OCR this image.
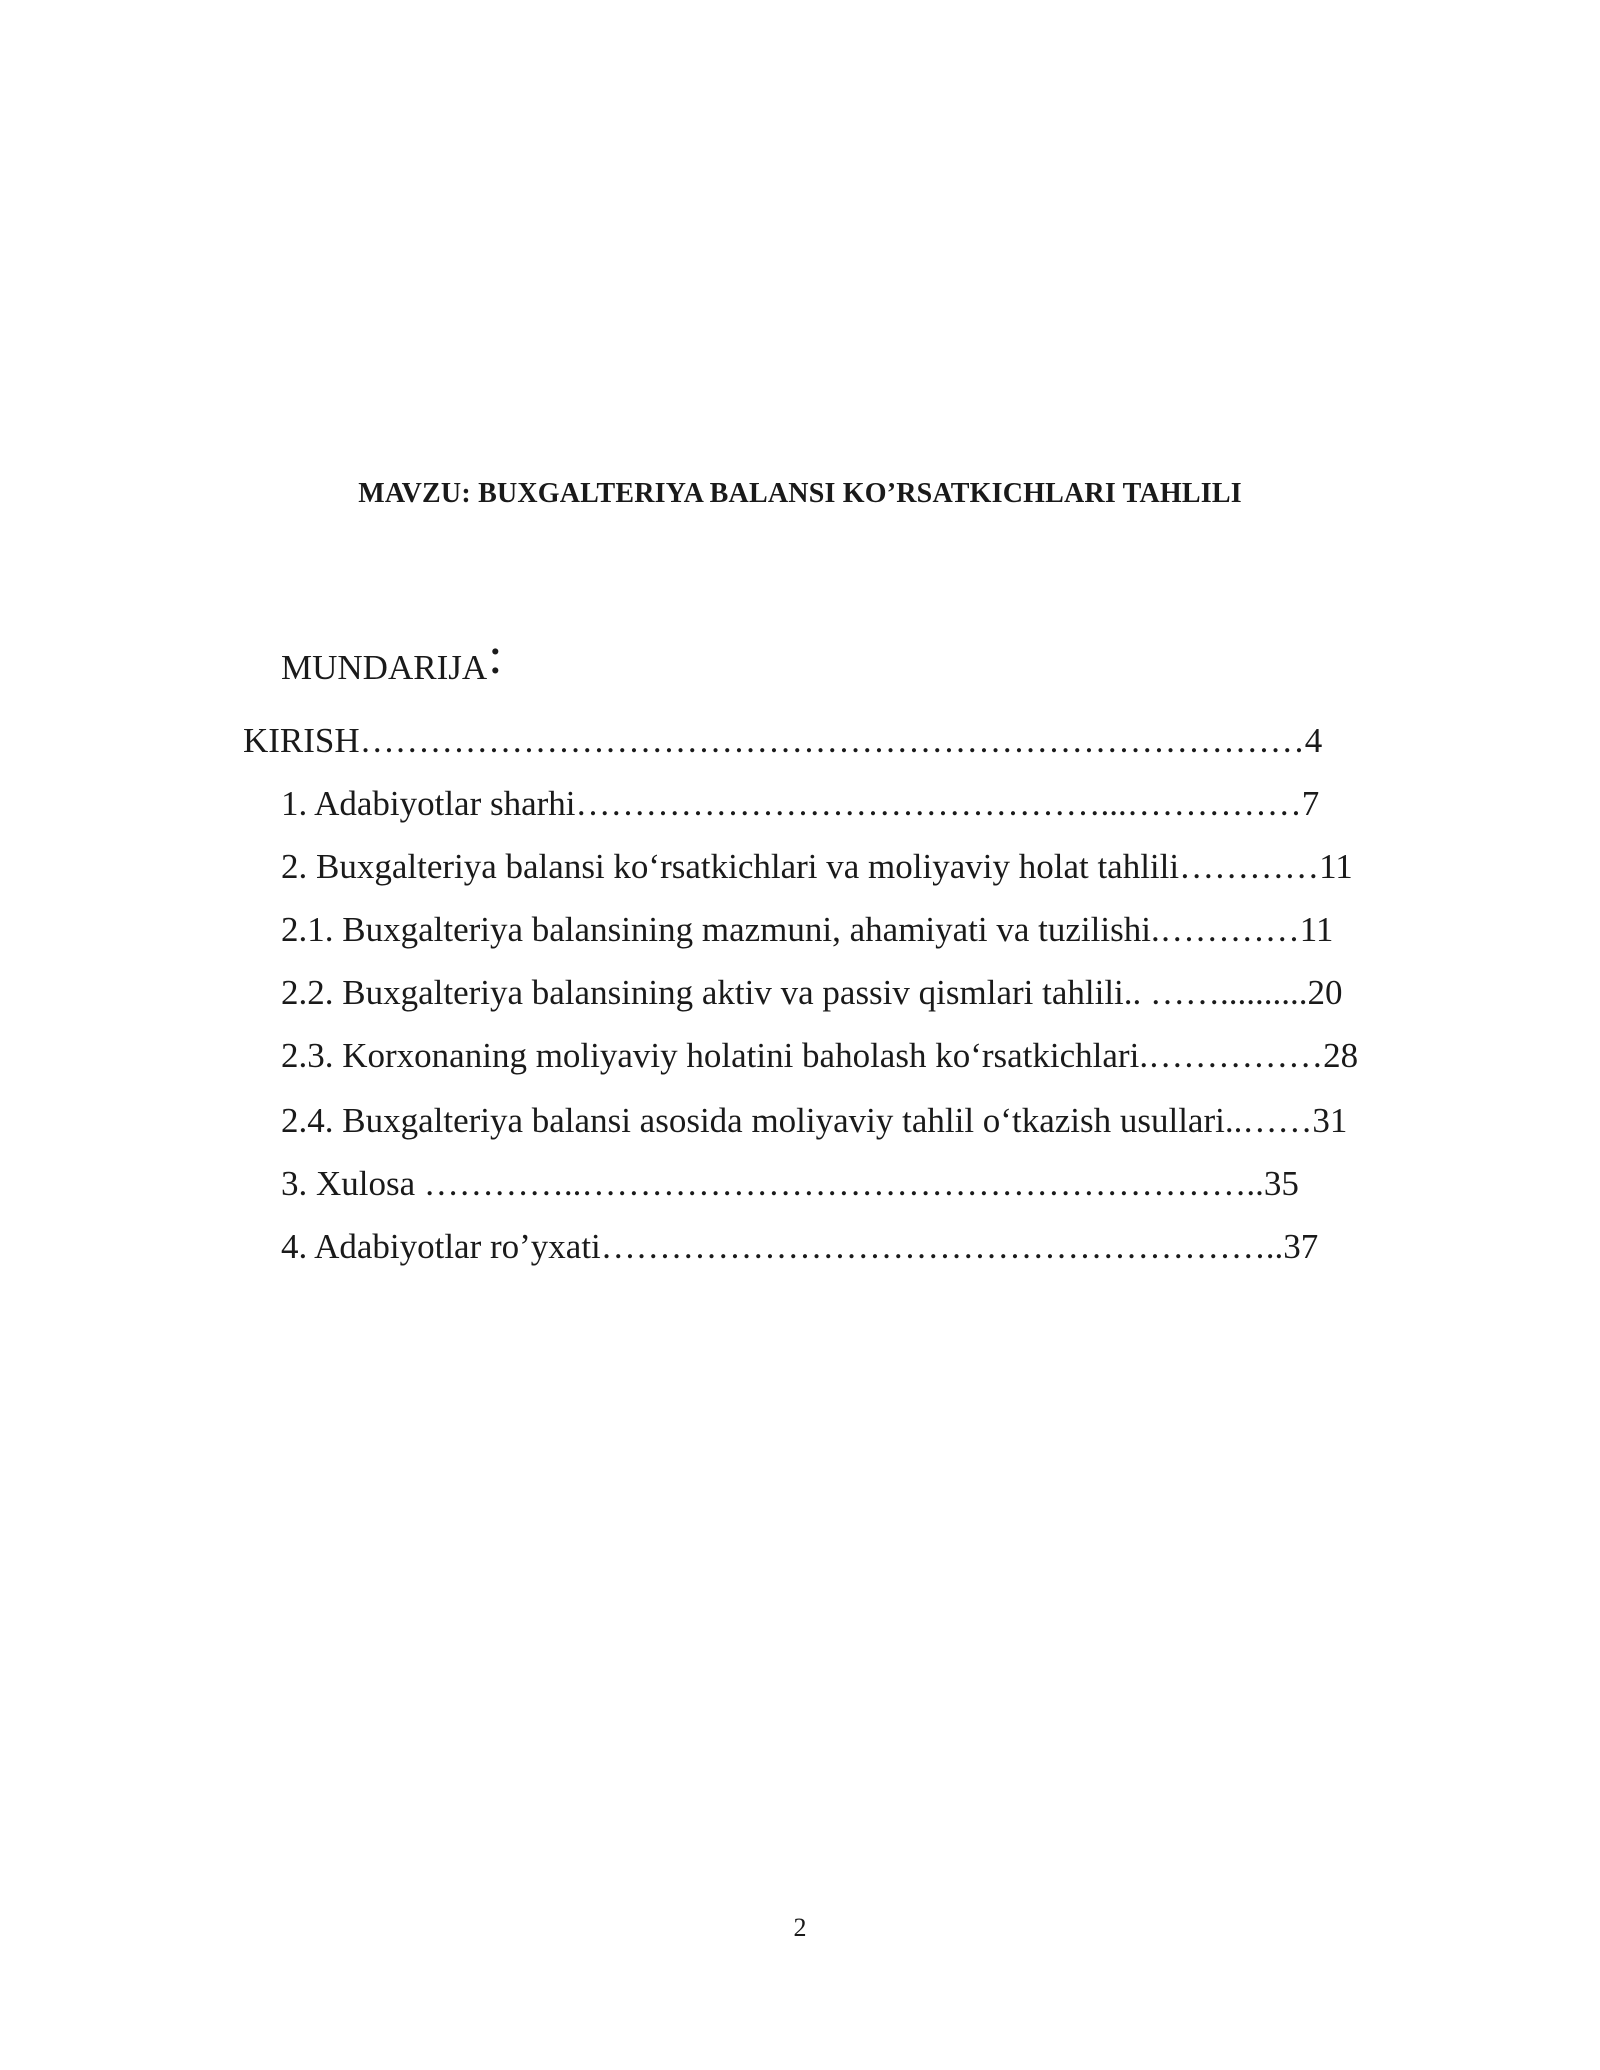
MAVZU: BUXGALTERIYA BALANSI KO’RSATKICHLARI TAHLILI
MUNDARIJA:
KIRISH………………………………………………………………………4
1. Adabiyotlar sharhi………………………………………...……………7
2. Buxgalteriya balansi ko‘rsatkichlari va moliyaviy holat tahlili…………11
2.1. Buxgalteriya balansining mazmuni, ahamiyati va tuzilishi.…………11
2.2. Buxgalteriya balansining aktiv va passiv qismlari tahlili.. ……..........20
2.3. Korxonaning moliyaviy holatini baholash ko‘rsatkichlari.……………28
2.4. Buxgalteriya balansi asosida moliyaviy tahlil o‘tkazish usullari..……31
3. Xulosa …………..…………………………………………………..35
4. Adabiyotlar ro’yxati…………………………………………………..37
2
